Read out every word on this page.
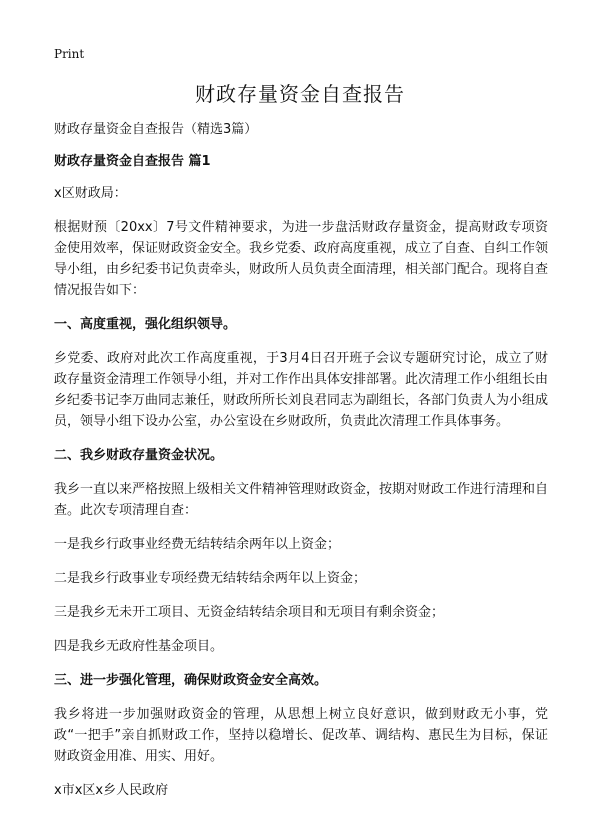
Print
财政存量资金自查报告

财政存量资金自查报告（精选3篇）

财政存量资金自查报告 篇1

x区财政局：

根据财预〔20xx〕7号文件精神要求，为进一步盘活财政存量资金，提高财政专项资金使用效率，保证财政资金安全。我乡党委、政府高度重视，成立了自查、自纠工作领导小组，由乡纪委书记负责牵头，财政所人员负责全面清理，相关部门配合。现将自查情况报告如下：

一、高度重视，强化组织领导。

乡党委、政府对此次工作高度重视，于3月4日召开班子会议专题研究讨论，成立了财政存量资金清理工作领导小组，并对工作作出具体安排部署。此次清理工作小组组长由乡纪委书记李万曲同志兼任，财政所所长刘良君同志为副组长，各部门负责人为小组成员，领导小组下设办公室，办公室设在乡财政所，负责此次清理工作具体事务。

二、我乡财政存量资金状况。

我乡一直以来严格按照上级相关文件精神管理财政资金，按期对财政工作进行清理和自查。此次专项清理自查：

一是我乡行政事业经费无结转结余两年以上资金；

二是我乡行政事业专项经费无结转结余两年以上资金；

三是我乡无未开工项目、无资金结转结余项目和无项目有剩余资金；

四是我乡无政府性基金项目。

三、进一步强化管理，确保财政资金安全高效。

我乡将进一步加强财政资金的管理，从思想上树立良好意识，做到财政无小事，党政“一把手”亲自抓财政工作，坚持以稳增长、促改革、调结构、惠民生为目标，保证财政资金用准、用实、用好。

x市x区x乡人民政府
